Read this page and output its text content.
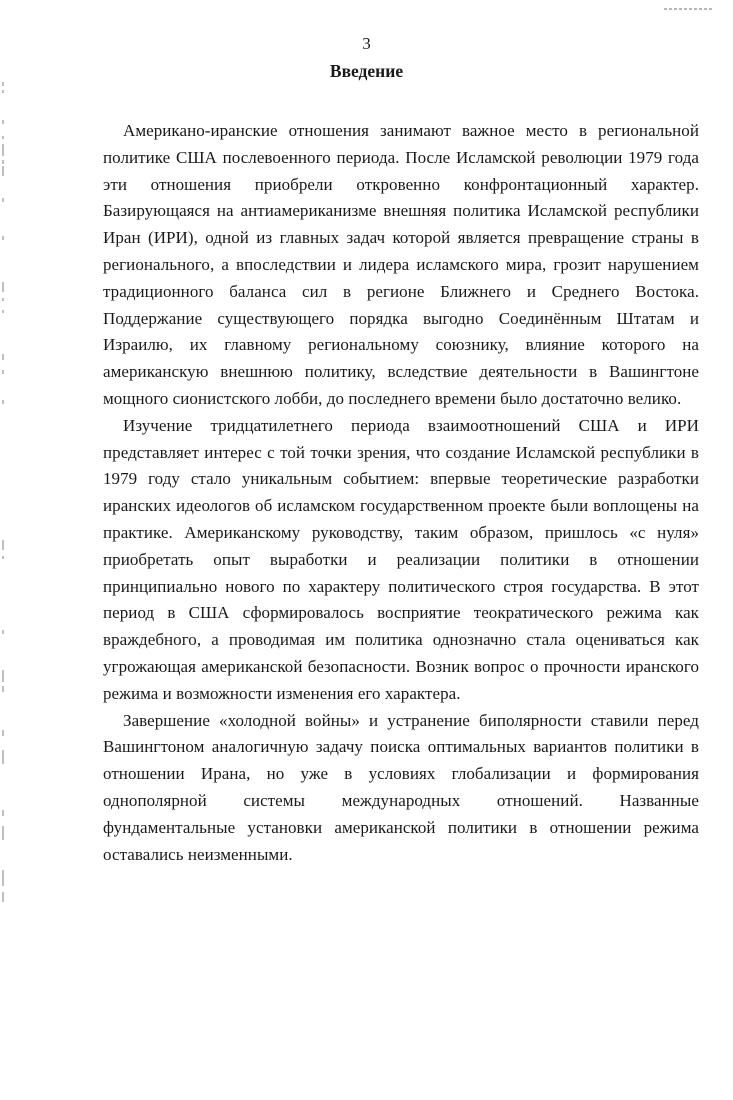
3
Введение

Американо-иранские отношения занимают важное место в региональной политике США послевоенного периода. После Исламской революции 1979 года эти отношения приобрели откровенно конфронтационный характер. Базирующаяся на антиамериканизме внешняя политика Исламской республики Иран (ИРИ), одной из главных задач которой является превращение страны в регионального, а впоследствии и лидера исламского мира, грозит нарушением традиционного баланса сил в регионе Ближнего и Среднего Востока. Поддержание существующего порядка выгодно Соединённым Штатам и Израилю, их главному региональному союзнику, влияние которого на американскую внешнюю политику, вследствие деятельности в Вашингтоне мощного сионистского лобби, до последнего времени было достаточно велико.

Изучение тридцатилетнего периода взаимоотношений США и ИРИ представляет интерес с той точки зрения, что создание Исламской республики в 1979 году стало уникальным событием: впервые теоретические разработки иранских идеологов об исламском государственном проекте были воплощены на практике. Американскому руководству, таким образом, пришлось «с нуля» приобретать опыт выработки и реализации политики в отношении принципиально нового по характеру политического строя государства. В этот период в США сформировалось восприятие теократического режима как враждебного, а проводимая им политика однозначно стала оцениваться как угрожающая американской безопасности. Возник вопрос о прочности иранского режима и возможности изменения его характера.

Завершение «холодной войны» и устранение биполярности ставили перед Вашингтоном аналогичную задачу поиска оптимальных вариантов политики в отношении Ирана, но уже в условиях глобализации и формирования однополярной системы международных отношений. Названные фундаментальные установки американской политики в отношении режима оставались неизменными.
